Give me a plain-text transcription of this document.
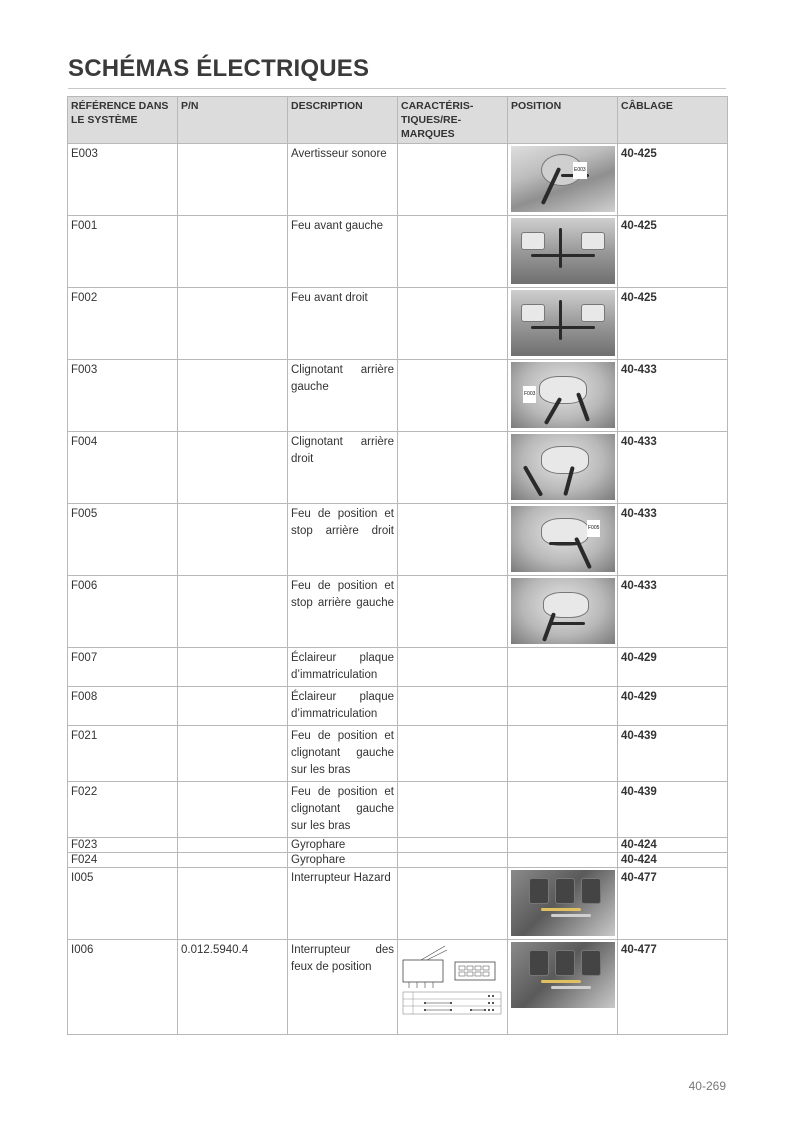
SCHÉMAS ÉLECTRIQUES
RÉFÉRENCE DANS LE SYSTÈME	P/N	DESCRIPTION	CARACTÉRIS-TIQUES/RE-MARQUES	POSITION	CÂBLAGE
E003		Avertisseur sonore		E003	40-425
F001		Feu avant gauche			40-425
F002		Feu avant droit			40-425
F003		Clignotant arrière gauche		F003	40-433
F004		Clignotant arrière droit			40-433
F005		Feu de position et stop arrière droit		F005	40-433
F006		Feu de position et stop arrière gauche			40-433
F007		Éclaireur plaque d’immatriculation			40-429
F008		Éclaireur plaque d’immatriculation			40-429
F021		Feu de position et clignotant gauche sur les bras			40-439
F022		Feu de position et clignotant gauche sur les bras			40-439
F023		Gyrophare			40-424
F024		Gyrophare			40-424
I005		Interrupteur Hazard			40-477
I006	0.012.5940.4	Interrupteur des feux de position			40-477
40-269
